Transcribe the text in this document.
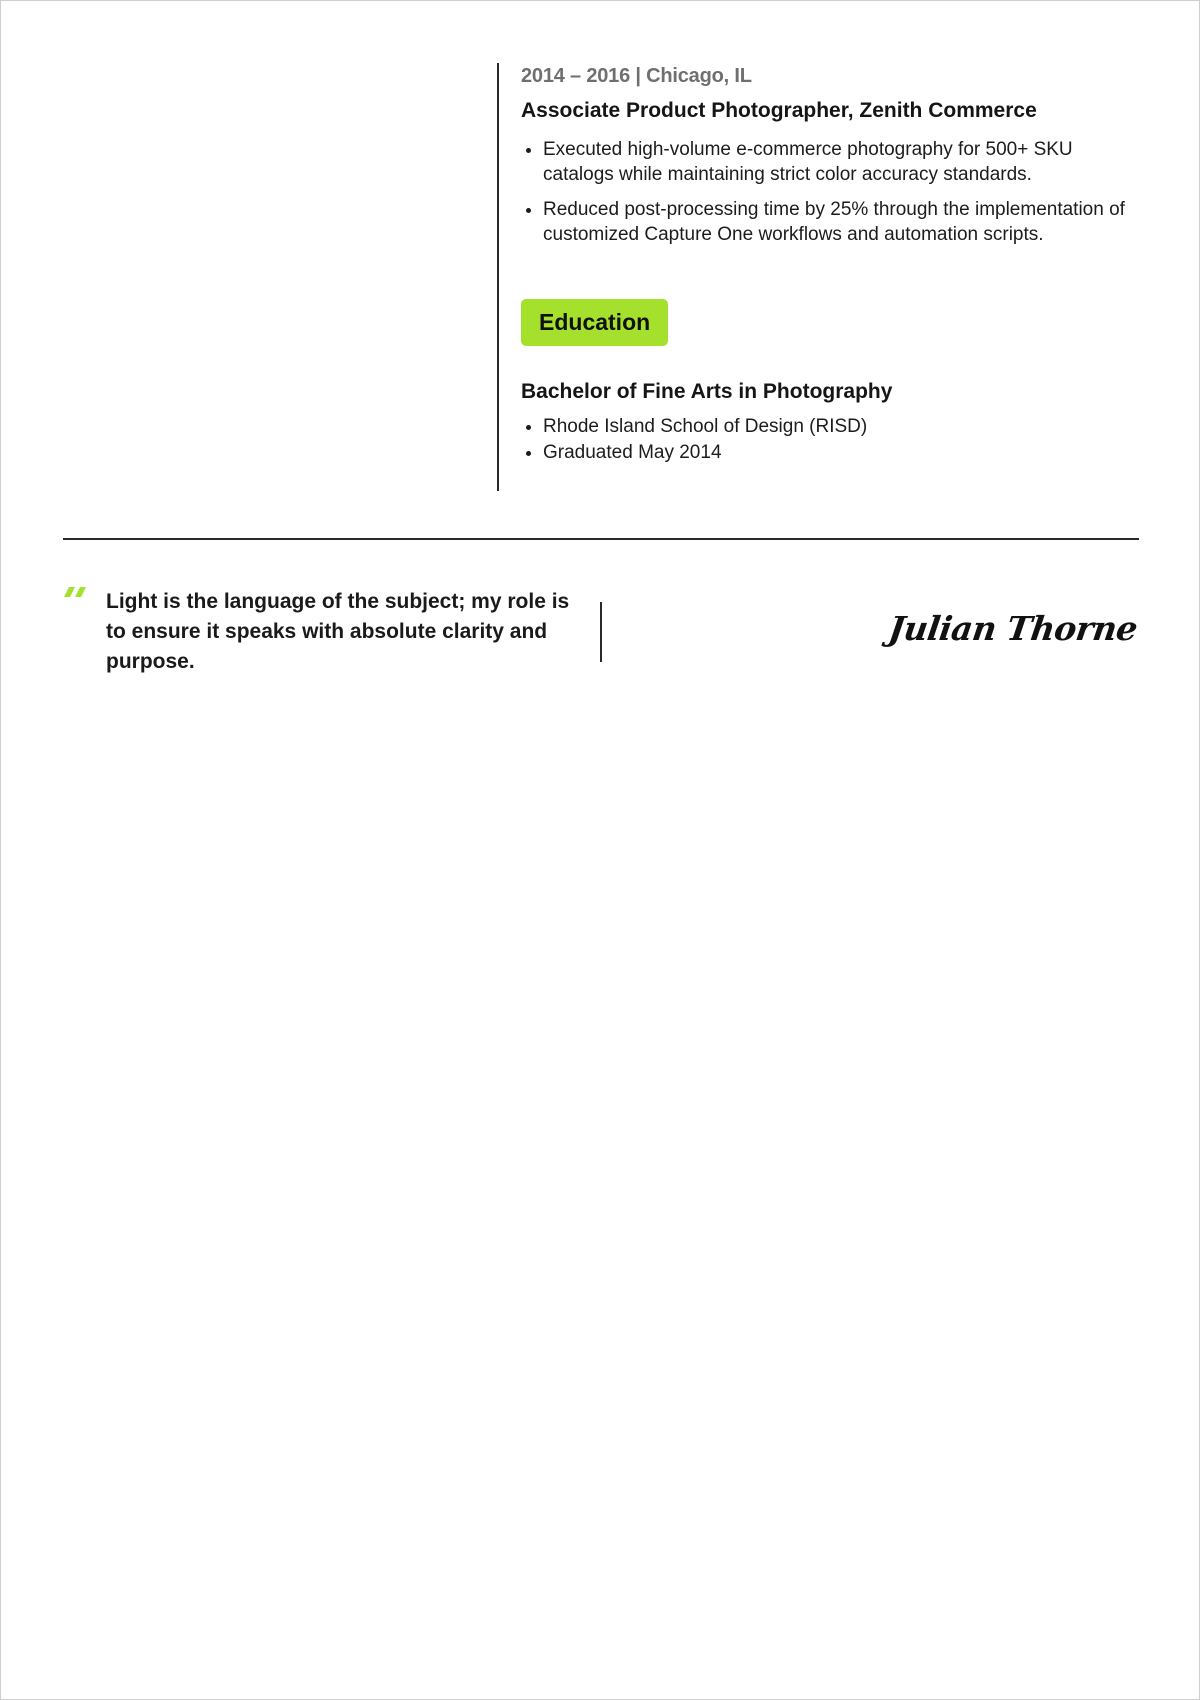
2014 – 2016 | Chicago, IL
Associate Product Photographer, Zenith Commerce
• Executed high-volume e-commerce photography for 500+ SKU catalogs while maintaining strict color accuracy standards.
• Reduced post-processing time by 25% through the implementation of customized Capture One workflows and automation scripts.
Education
Bachelor of Fine Arts in Photography
• Rhode Island School of Design (RISD)
• Graduated May 2014
Light is the language of the subject; my role is to ensure it speaks with absolute clarity and purpose.
Julian Thorne
